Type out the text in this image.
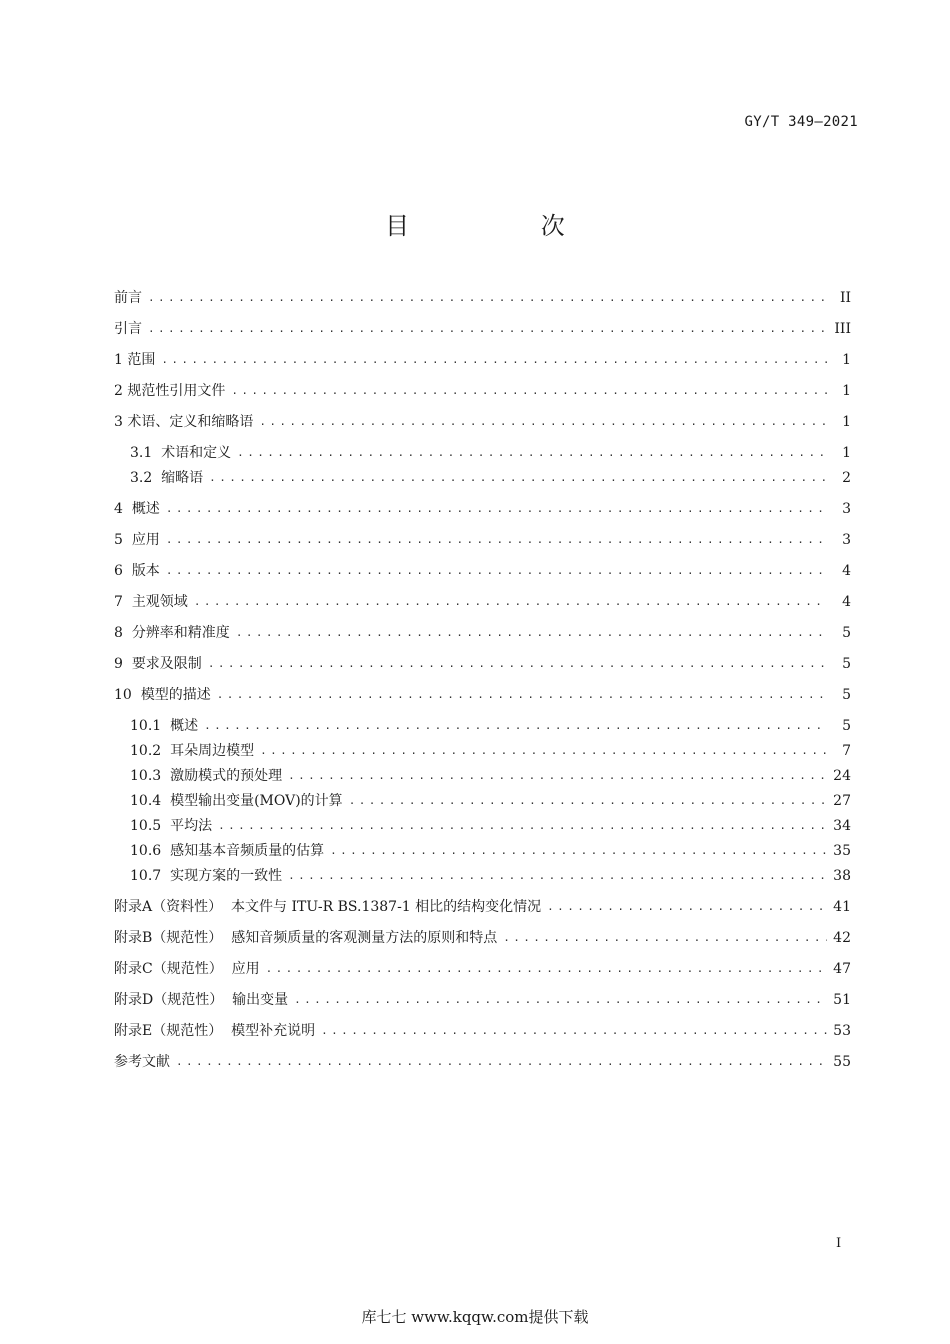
GY/T 349—2021
目 次
前言 .....	II
引言 .....	III
1 范围 .....	1
2 规范性引用文件 .....	1
3 术语、定义和缩略语 .....	1
3.1 术语和定义 .....	1
3.2 缩略语 .....	2
4 概述 .....	3
5 应用 .....	3
6 版本 .....	4
7 主观领域 .....	4
8 分辨率和精准度 .....	5
9 要求及限制 .....	5
10 模型的描述 .....	5
10.1 概述 .....	5
10.2 耳朵周边模型 .....	7
10.3 激励模式的预处理 .....	24
10.4 模型输出变量(MOV)的计算 .....	27
10.5 平均法 .....	34
10.6 感知基本音频质量的估算 .....	35
10.7 实现方案的一致性 .....	38
附录A（资料性） 本文件与 ITU-R BS.1387-1 相比的结构变化情况 .....	41
附录B（规范性） 感知音频质量的客观测量方法的原则和特点 .....	42
附录C（规范性） 应用 .....	47
附录D（规范性） 输出变量 .....	51
附录E（规范性） 模型补充说明 .....	53
参考文献 .....	55
I
库七七 www.kqqw.com提供下载
